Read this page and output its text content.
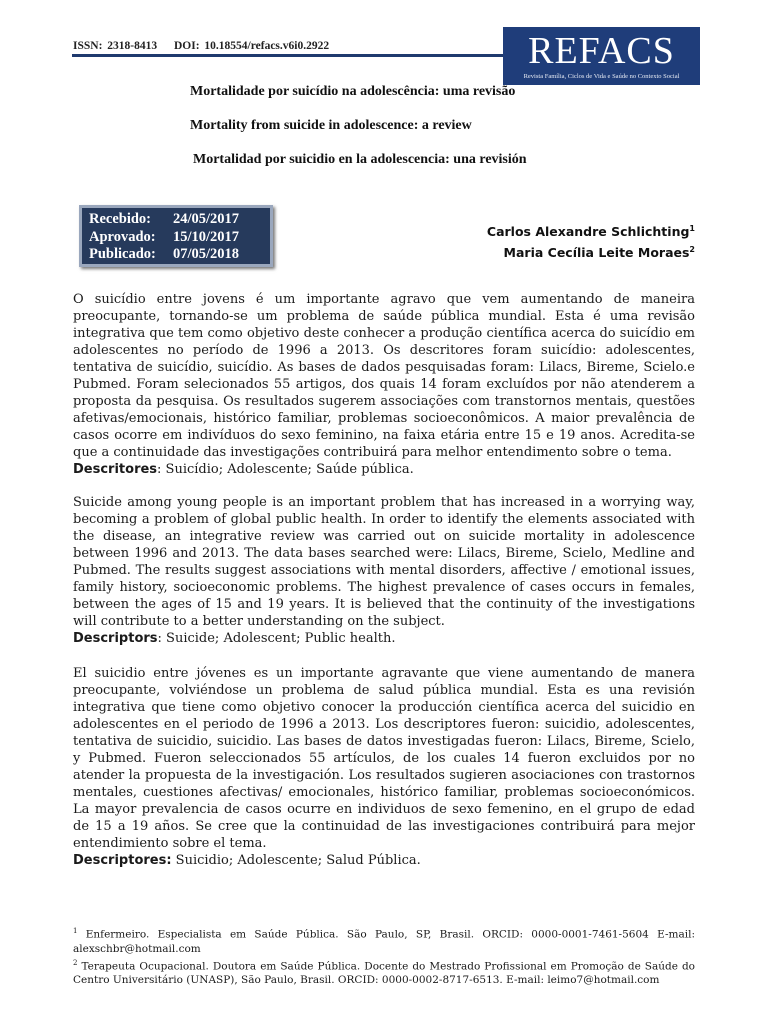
ISSN: 2318-8413 DOI: 10.18554/refacs.v6i0.2922	REFACS
Revista Família, Ciclos de Vida e Saúde no Contexto Social
Mortalidade por suicídio na adolescência: uma revisão
Mortality from suicide in adolescence: a review
Mortalidad por suicidio en la adolescencia: una revisión
Recebido:	24/05/2017
Aprovado:	15/10/2017
Publicado:	07/05/2018
Carlos Alexandre Schlichting$^1$
Maria Cecília Leite Moraes$^2$

O suicídio entre jovens é um importante agravo que vem aumentando de maneira preocupante, tornando-se um problema de saúde pública mundial. Esta é uma revisão integrativa que tem como objetivo deste conhecer a produção científica acerca do suicídio em adolescentes no período de 1996 a 2013. Os descritores foram suicídio: adolescentes, tentativa de suicídio, suicídio. As bases de dados pesquisadas foram: Lilacs, Bireme, Scielo.e Pubmed. Foram selecionados 55 artigos, dos quais 14 foram excluídos por não atenderem a proposta da pesquisa. Os resultados sugerem associações com transtornos mentais, questões afetivas/emocionais, histórico familiar, problemas socioeconômicos. A maior prevalência de casos ocorre em indivíduos do sexo feminino, na faixa etária entre 15 e 19 anos. Acredita-se que a continuidade das investigações contribuirá para melhor entendimento sobre o tema.

Descritores: Suicídio; Adolescente; Saúde pública.

Suicide among young people is an important problem that has increased in a worrying way, becoming a problem of global public health. In order to identify the elements associated with the disease, an integrative review was carried out on suicide mortality in adolescence between 1996 and 2013. The data bases searched were: Lilacs, Bireme, Scielo, Medline and Pubmed. The results suggest associations with mental disorders, affective / emotional issues, family history, socioeconomic problems. The highest prevalence of cases occurs in females, between the ages of 15 and 19 years. It is believed that the continuity of the investigations will contribute to a better understanding on the subject.

Descriptors: Suicide; Adolescent; Public health.

El suicidio entre jóvenes es un importante agravante que viene aumentando de manera preocupante, volviéndose un problema de salud pública mundial. Esta es una revisión integrativa que tiene como objetivo conocer la producción científica acerca del suicidio en adolescentes en el periodo de 1996 a 2013. Los descriptores fueron: suicidio, adolescentes, tentativa de suicidio, suicidio. Las bases de datos investigadas fueron: Lilacs, Bireme, Scielo, y Pubmed. Fueron seleccionados 55 artículos, de los cuales 14 fueron excluidos por no atender la propuesta de la investigación. Los resultados sugieren asociaciones con trastornos mentales, cuestiones afectivas/ emocionales, histórico familiar, problemas socioeconómicos. La mayor prevalencia de casos ocurre en individuos de sexo femenino, en el grupo de edad de 15 a 19 años. Se cree que la continuidad de las investigaciones contribuirá para mejor entendimiento sobre el tema.

Descriptores: Suicidio; Adolescente; Salud Pública.

$^1$ Enfermeiro. Especialista em Saúde Pública. São Paulo, SP, Brasil. ORCID: 0000-0001-7461-5604 E-mail: alexschbr@hotmail.com

$^2$ Terapeuta Ocupacional. Doutora em Saúde Pública. Docente do Mestrado Profissional em Promoção de Saúde do Centro Universitário (UNASP), São Paulo, Brasil. ORCID: 0000-0002-8717-6513. E-mail: leimo7@hotmail.com
